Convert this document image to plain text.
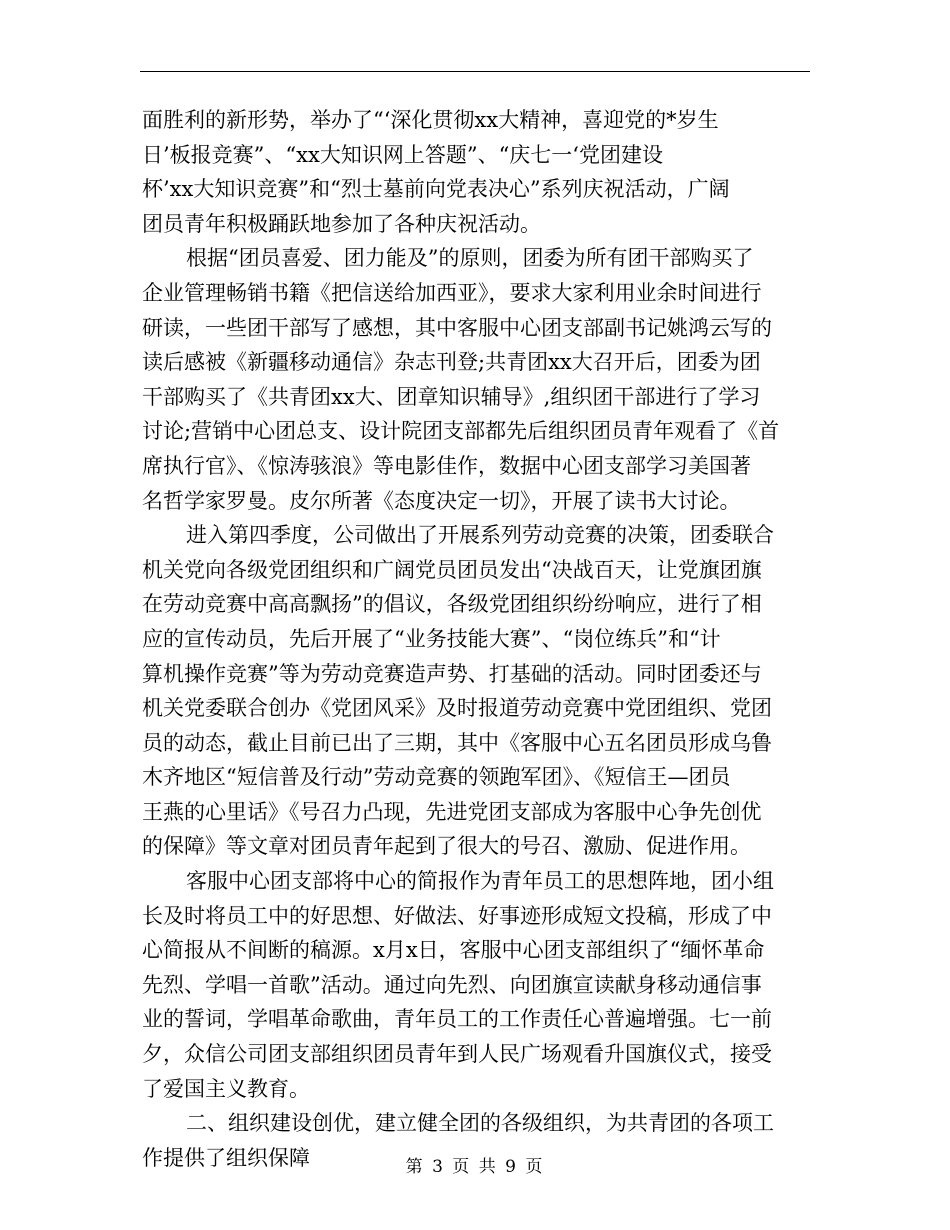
面胜利的新形势，举办了“‘深化贯彻xx大精神，喜迎党的*岁生
日’板报竞赛”、“xx大知识网上答题”、“庆七一‘党团建设
杯’xx大知识竞赛”和“烈士墓前向党表决心”系列庆祝活动，广阔
团员青年积极踊跃地参加了各种庆祝活动。
根据“团员喜爱、团力能及”的原则，团委为所有团干部购买了
企业管理畅销书籍《把信送给加西亚》，要求大家利用业余时间进行
研读，一些团干部写了感想，其中客服中心团支部副书记姚鸿云写的
读后感被《新疆移动通信》杂志刊登;共青团xx大召开后，团委为团
干部购买了《共青团xx大、团章知识辅导》,组织团干部进行了学习
讨论;营销中心团总支、设计院团支部都先后组织团员青年观看了《首
席执行官》、《惊涛骇浪》等电影佳作，数据中心团支部学习美国著
名哲学家罗曼。皮尔所著《态度决定一切》，开展了读书大讨论。
进入第四季度，公司做出了开展系列劳动竞赛的决策，团委联合
机关党向各级党团组织和广阔党员团员发出“决战百天，让党旗团旗
在劳动竞赛中高高飘扬”的倡议，各级党团组织纷纷响应，进行了相
应的宣传动员，先后开展了“业务技能大赛”、“岗位练兵”和“计
算机操作竞赛”等为劳动竞赛造声势、打基础的活动。同时团委还与
机关党委联合创办《党团风采》及时报道劳动竞赛中党团组织、党团
员的动态，截止目前已出了三期，其中《客服中心五名团员形成乌鲁
木齐地区“短信普及行动”劳动竞赛的领跑军团》、《短信王—团员
王燕的心里话》《号召力凸现，先进党团支部成为客服中心争先创优
的保障》等文章对团员青年起到了很大的号召、激励、促进作用。
客服中心团支部将中心的简报作为青年员工的思想阵地，团小组
长及时将员工中的好思想、好做法、好事迹形成短文投稿，形成了中
心简报从不间断的稿源。x月x日，客服中心团支部组织了“缅怀革命
先烈、学唱一首歌”活动。通过向先烈、向团旗宣读献身移动通信事
业的誓词，学唱革命歌曲，青年员工的工作责任心普遍增强。七一前
夕，众信公司团支部组织团员青年到人民广场观看升国旗仪式，接受
了爱国主义教育。
二、组织建设创优，建立健全团的各级组织，为共青团的各项工
作提供了组织保障	第 3 页 共 9 页
